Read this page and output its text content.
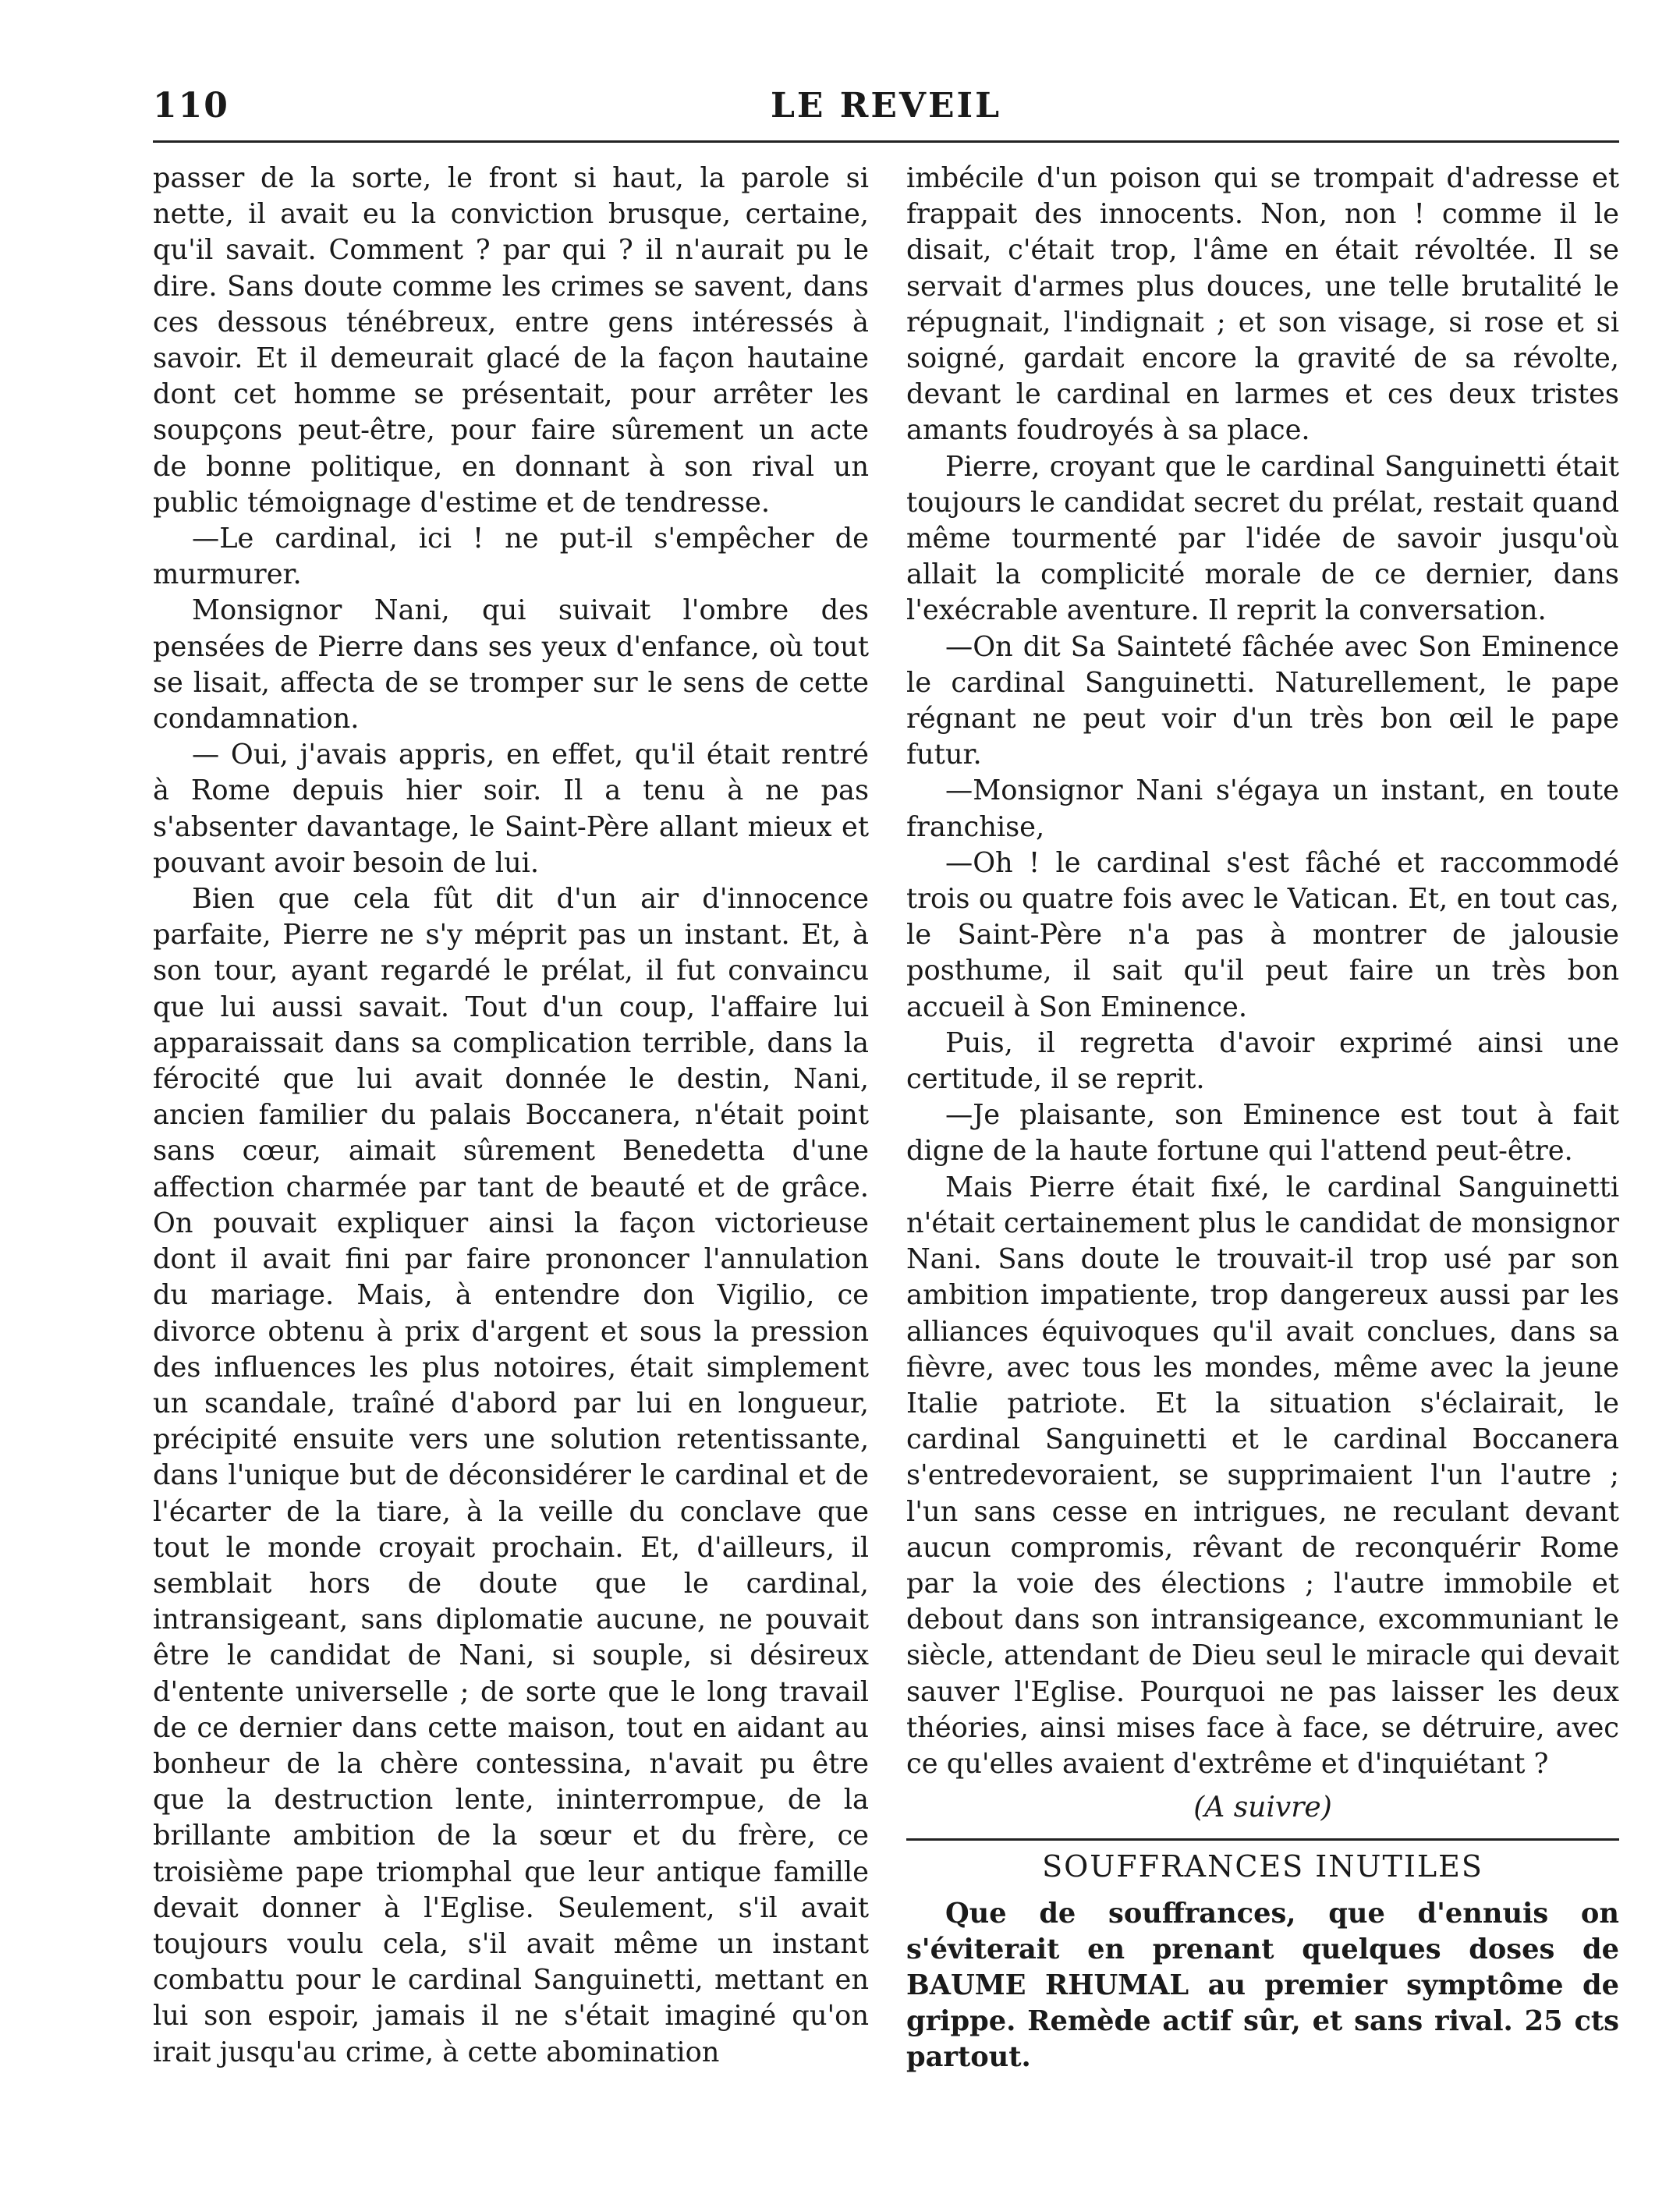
110	LE REVEIL

passer de la sorte, le front si haut, la parole si nette, il avait eu la conviction brusque, certaine, qu'il savait. Comment ? par qui ? il n'aurait pu le dire. Sans doute comme les crimes se savent, dans ces dessous ténébreux, entre gens intéressés à savoir. Et il demeurait glacé de la façon hautaine dont cet homme se présentait, pour arrêter les soupçons peut-être, pour faire sûrement un acte de bonne politique, en donnant à son rival un public témoignage d'estime et de tendresse.

—Le cardinal, ici ! ne put-il s'empêcher de murmurer.

Monsignor Nani, qui suivait l'ombre des pensées de Pierre dans ses yeux d'enfance, où tout se lisait, affecta de se tromper sur le sens de cette condamnation.

— Oui, j'avais appris, en effet, qu'il était rentré à Rome depuis hier soir. Il a tenu à ne pas s'absenter davantage, le Saint-Père allant mieux et pouvant avoir besoin de lui.

Bien que cela fût dit d'un air d'innocence parfaite, Pierre ne s'y méprit pas un instant. Et, à son tour, ayant regardé le prélat, il fut convaincu que lui aussi savait. Tout d'un coup, l'affaire lui apparaissait dans sa complication terrible, dans la férocité que lui avait donnée le destin, Nani, ancien familier du palais Boccanera, n'était point sans cœur, aimait sûrement Benedetta d'une affection charmée par tant de beauté et de grâce. On pouvait expliquer ainsi la façon victorieuse dont il avait fini par faire prononcer l'annulation du mariage. Mais, à entendre don Vigilio, ce divorce obtenu à prix d'argent et sous la pression des influences les plus notoires, était simplement un scandale, traîné d'abord par lui en longueur, précipité ensuite vers une solution retentissante, dans l'unique but de déconsidérer le cardinal et de l'écarter de la tiare, à la veille du conclave que tout le monde croyait prochain. Et, d'ailleurs, il semblait hors de doute que le cardinal, intransigeant, sans diplomatie aucune, ne pouvait être le candidat de Nani, si souple, si désireux d'entente universelle ; de sorte que le long travail de ce dernier dans cette maison, tout en aidant au bonheur de la chère contessina, n'avait pu être que la destruction lente, ininterrompue, de la brillante ambition de la sœur et du frère, ce troisième pape triomphal que leur antique famille devait donner à l'Eglise. Seulement, s'il avait toujours voulu cela, s'il avait même un instant combattu pour le cardinal Sanguinetti, mettant en lui son espoir, jamais il ne s'était imaginé qu'on irait jusqu'au crime, à cette abomination

imbécile d'un poison qui se trompait d'adresse et frappait des innocents. Non, non ! comme il le disait, c'était trop, l'âme en était révoltée. Il se servait d'armes plus douces, une telle brutalité le répugnait, l'indignait ; et son visage, si rose et si soigné, gardait encore la gravité de sa révolte, devant le cardinal en larmes et ces deux tristes amants foudroyés à sa place.

Pierre, croyant que le cardinal Sanguinetti était toujours le candidat secret du prélat, restait quand même tourmenté par l'idée de savoir jusqu'où allait la complicité morale de ce dernier, dans l'exécrable aventure. Il reprit la conversation.

—On dit Sa Sainteté fâchée avec Son Eminence le cardinal Sanguinetti. Naturellement, le pape régnant ne peut voir d'un très bon œil le pape futur.

—Monsignor Nani s'égaya un instant, en toute franchise,

—Oh ! le cardinal s'est fâché et raccommodé trois ou quatre fois avec le Vatican. Et, en tout cas, le Saint-Père n'a pas à montrer de jalousie posthume, il sait qu'il peut faire un très bon accueil à Son Eminence.

Puis, il regretta d'avoir exprimé ainsi une certitude, il se reprit.

—Je plaisante, son Eminence est tout à fait digne de la haute fortune qui l'attend peut-être.

Mais Pierre était fixé, le cardinal Sanguinetti n'était certainement plus le candidat de monsignor Nani. Sans doute le trouvait-il trop usé par son ambition impatiente, trop dangereux aussi par les alliances équivoques qu'il avait conclues, dans sa fièvre, avec tous les mondes, même avec la jeune Italie patriote. Et la situation s'éclairait, le cardinal Sanguinetti et le cardinal Boccanera s'entredevoraient, se supprimaient l'un l'autre ; l'un sans cesse en intrigues, ne reculant devant aucun compromis, rêvant de reconquérir Rome par la voie des élections ; l'autre immobile et debout dans son intransigeance, excommuniant le siècle, attendant de Dieu seul le miracle qui devait sauver l'Eglise. Pourquoi ne pas laisser les deux théories, ainsi mises face à face, se détruire, avec ce qu'elles avaient d'extrême et d'inquiétant ?

(A suivre)
SOUFFRANCES INUTILES

Que de souffrances, que d'ennuis on s'éviterait en prenant quelques doses de BAUME RHUMAL au premier symptôme de grippe. Remède actif sûr, et sans rival. 25 cts partout.
